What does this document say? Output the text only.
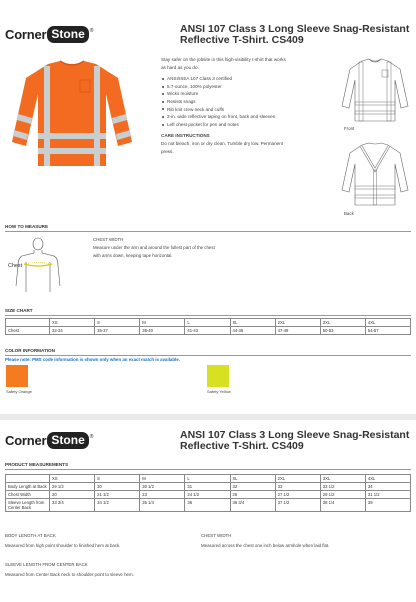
Corner Stone	®	ANSI 107 Class 3 Long Sleeve Snag-Resistant
Reflective T-Shirt. CS409
Stay safer on the jobsite in this high-visibility t-shirt that works
as hard as you do.
ANSI/ISEA 107 Class 3 certified
5.7-ounce, 100% polyester
Wicks moisture
Resists snags
Rib knit crew neck and cuffs
2-in. wide reflective taping on front, back and sleeves
Left chest pocket for pen and notes
CARE INSTRUCTIONS
Do not bleach, iron or dry clean. Tumble dry low. Permanent
press.
Front
Back
HOW TO MEASURE
Chest
CHEST WIDTH
Measure under the arm and around the fullest part of the chest
with arms down, keeping tape horizontal.
SIZE CHART
	XS	S	M	L	XL	2XL	3XL	4XL
Chest	32-34	35-37	38-40	41-43	44-46	47-49	50-53	54-57
COLOR INFORMATION
Please note: PMS code information is shown only when an exact match is available.
Safety Orange	Safety Yellow
Corner Stone	®	ANSI 107 Class 3 Long Sleeve Snag-Resistant
Reflective T-Shirt. CS409
PRODUCT MEASUREMENTS
	XS	S	M	L	XL	2XL	3XL	4XL
Body Length at Back	29 1/2	30	30 1/2	31	32	33	33 1/2	34
Chest Width	20	21 1/2	23	24 1/2	26	27 1/2	29 1/2	31 1/2
Sleeve Length from Center Back	33 3/4	34 1/2	35 1/4	36	36 3/4	37 1/2	38 1/4	39
BODY LENGTH AT BACK
Measured from high point shoulder to finished hem at back.
CHEST WIDTH
Measured across the chest one inch below armhole when laid flat.
SLEEVE LENGTH FROM CENTER BACK
Measured from Center Back neck to shoulder point to sleeve hem.
